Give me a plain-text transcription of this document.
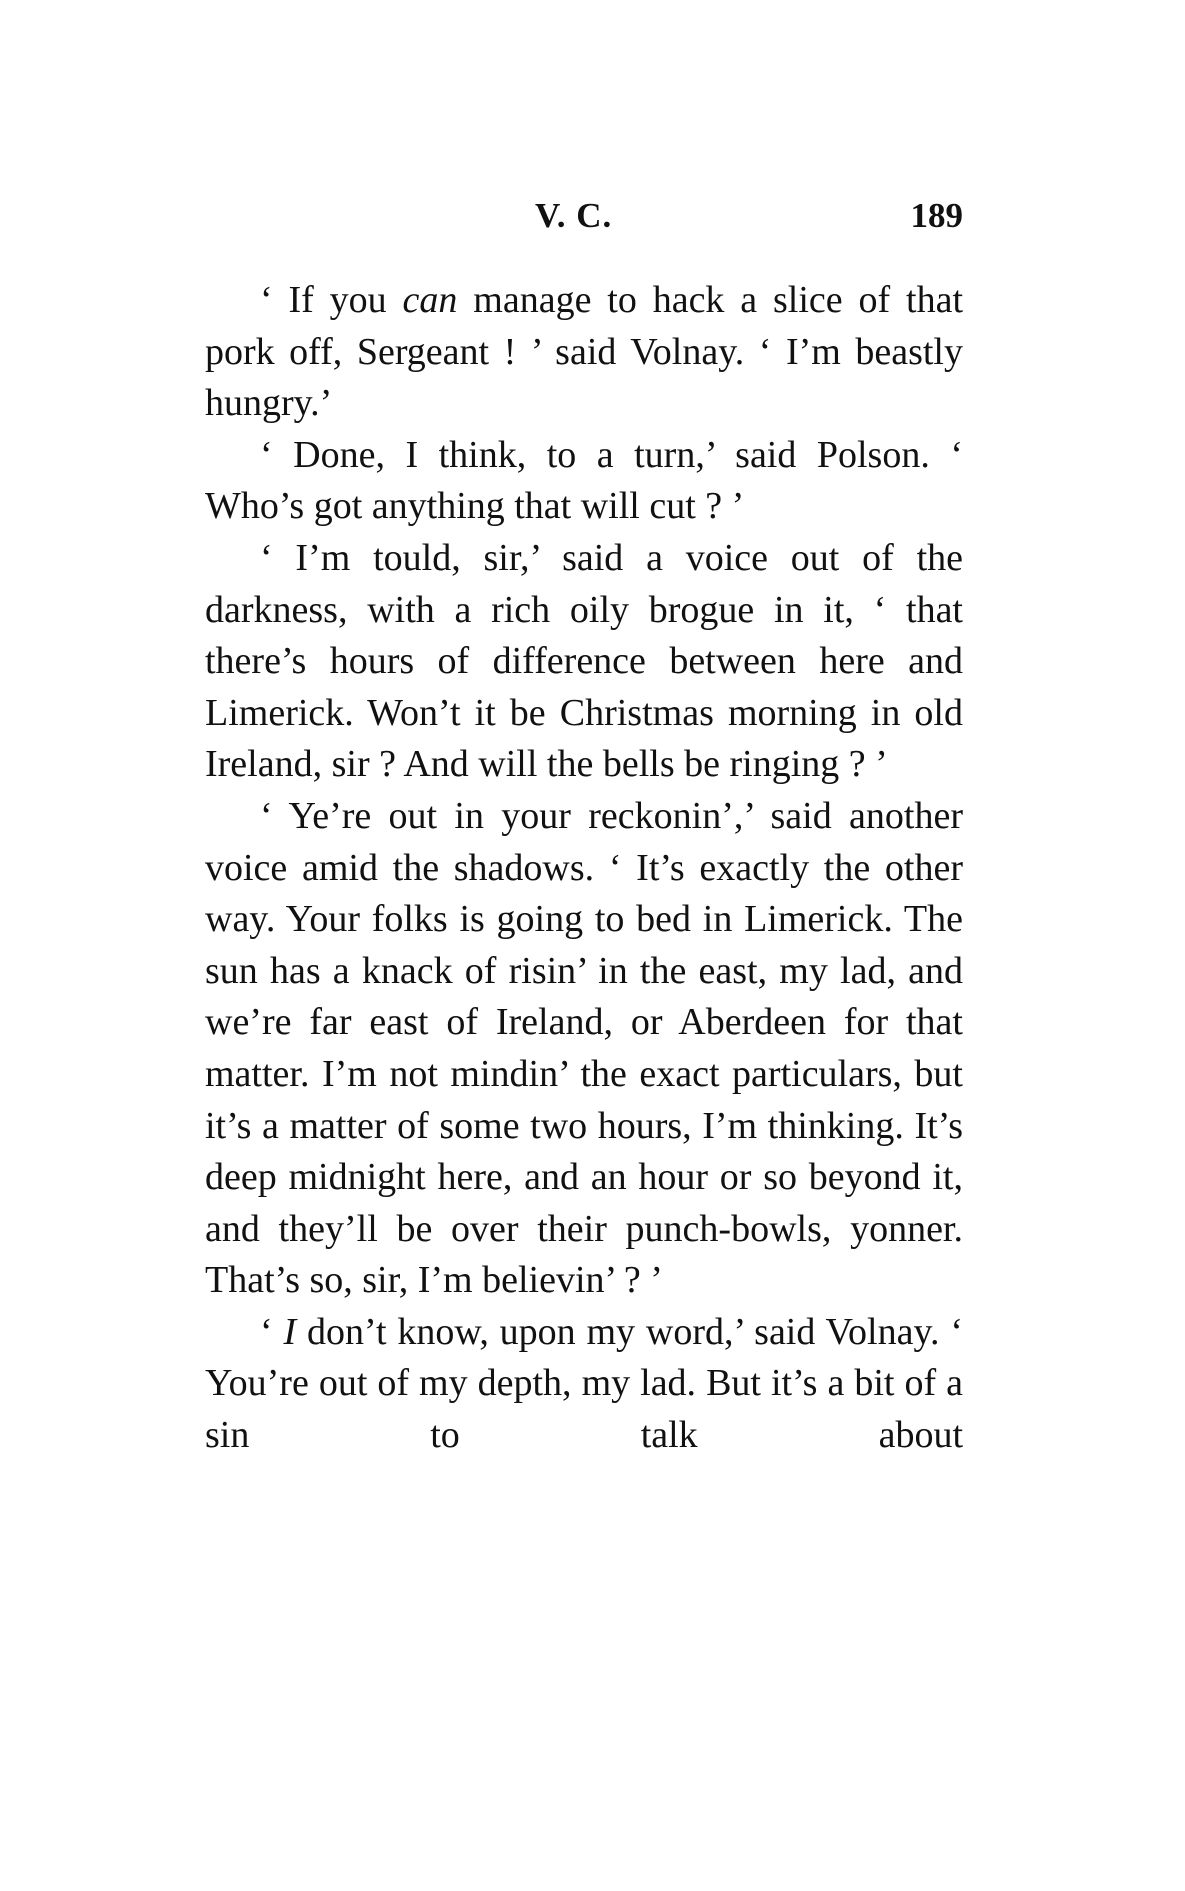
V. C.	189

‘ If you can manage to hack a slice of that pork off, Sergeant ! ’ said Volnay. ‘ I’m beastly hungry.’

‘ Done, I think, to a turn,’ said Polson. ‘ Who’s got anything that will cut ? ’

‘ I’m tould, sir,’ said a voice out of the darkness, with a rich oily brogue in it, ‘ that there’s hours of difference between here and Limerick. Won’t it be Christmas morning in old Ireland, sir ? And will the bells be ringing ? ’

‘ Ye’re out in your reckonin’,’ said another voice amid the shadows. ‘ It’s exactly the other way. Your folks is going to bed in Limerick. The sun has a knack of risin’ in the east, my lad, and we’re far east of Ireland, or Aberdeen for that matter. I’m not mindin’ the exact particulars, but it’s a matter of some two hours, I’m thinking. It’s deep midnight here, and an hour or so beyond it, and they’ll be over their punch-bowls, yonner. That’s so, sir, I’m believin’ ? ’

‘ I don’t know, upon my word,’ said Volnay. ‘ You’re out of my depth, my lad. But it’s a bit of a sin to talk about
